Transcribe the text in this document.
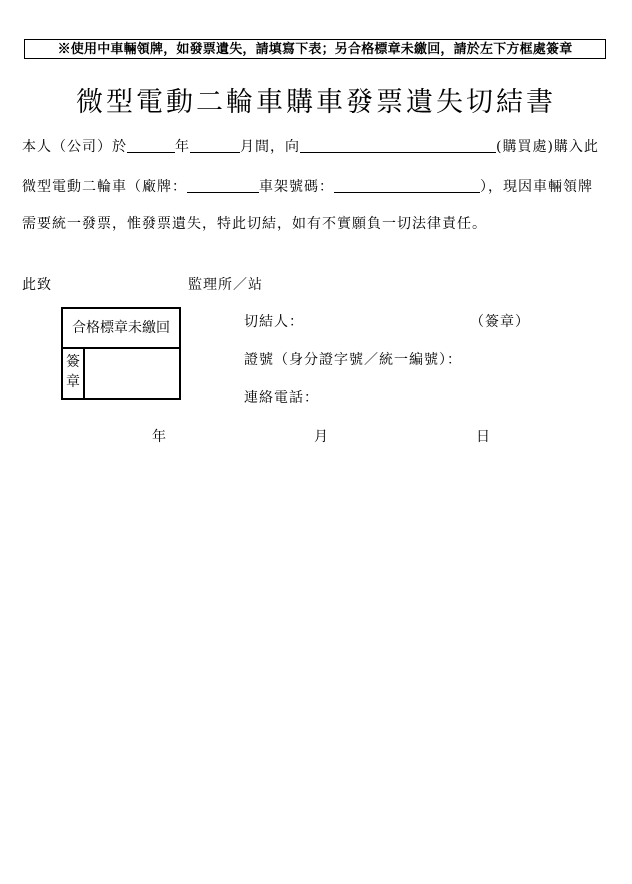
※使用中車輛領牌，如發票遺失，請填寫下表；另合格標章未繳回，請於左下方框處簽章
微型電動二輪車購車發票遺失切結書
本人（公司）於	年	月間，向	(購買處)購入此
微型電動二輪車（廠牌：	車架號碼：	），現因車輛領牌
需要統一發票，惟發票遺失，特此切結，如有不實願負一切法律責任。
此致	監理所／站
合格標章未繳回
簽
章
切結人：	（簽章）
證號（身分證字號／統一編號）：
連絡電話：
年	月	日
